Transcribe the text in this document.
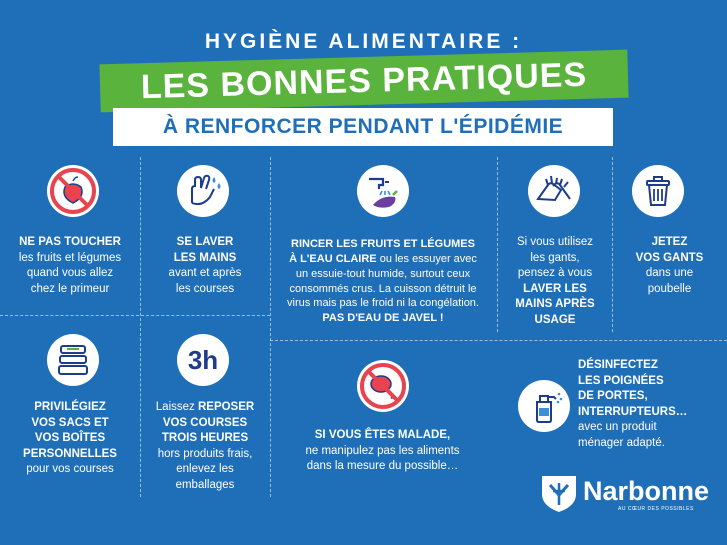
HYGIÈNE ALIMENTAIRE :
LES BONNES PRATIQUES
À RENFORCER PENDANT L'ÉPIDÉMIE
NE PAS TOUCHER
les fruits et légumes
quand vous allez
chez le primeur
SE LAVER
LES MAINS
avant et après
les courses
RINCER LES FRUITS ET LÉGUMES
À L'EAU CLAIRE ou les essuyer avec
un essuie-tout humide, surtout ceux
consommés crus. La cuisson détruit le
virus mais pas le froid ni la congélation.
PAS D'EAU DE JAVEL !
Si vous utilisez
les gants,
pensez à vous
LAVER LES
MAINS APRÈS
USAGE
JETEZ
VOS GANTS
dans une
poubelle
PRIVILÉGIEZ
VOS SACS ET
VOS BOÎTES
PERSONNELLES
pour vos courses
3h
Laissez REPOSER
VOS COURSES
TROIS HEURES
hors produits frais,
enlevez les
emballages
SI VOUS ÊTES MALADE,
ne manipulez pas les aliments
dans la mesure du possible…
DÉSINFECTEZ
LES POIGNÉES
DE PORTES,
INTERRUPTEURS…
avec un produit
ménager adapté.
Narbonne
AU CŒUR DES POSSIBLES
